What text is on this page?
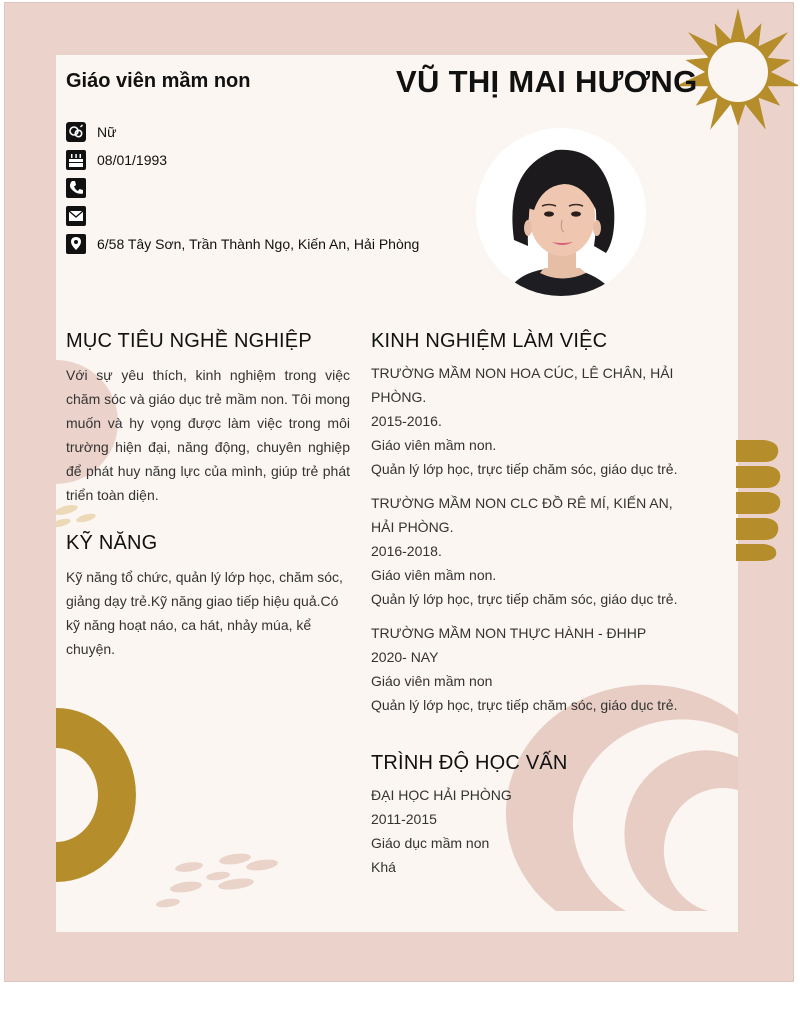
Giáo viên mầm non	VŨ THỊ MAI HƯƠNG
Nữ
08/01/1993
6/58 Tây Sơn, Trần Thành Ngọ, Kiến An, Hải Phòng
MỤC TIÊU NGHỀ NGHIỆP
Với sự yêu thích, kinh nghiệm trong việc chăm sóc và giáo dục trẻ mầm non. Tôi mong muốn và hy vọng được làm việc trong môi trường hiện đại, năng động, chuyên nghiệp để phát huy năng lực của mình, giúp trẻ phát triển toàn diện.
KỸ NĂNG
Kỹ năng tổ chức, quản lý lớp học, chăm sóc, giảng dạy trẻ.Kỹ năng giao tiếp hiệu quả.Có kỹ năng hoạt náo, ca hát, nhảy múa, kể chuyện.
KINH NGHIỆM LÀM VIỆC
TRƯỜNG MẦM NON HOA CÚC, LÊ CHÂN, HẢI PHÒNG.
2015-2016.
Giáo viên mầm non.
Quản lý lớp học, trực tiếp chăm sóc, giáo dục trẻ.
TRƯỜNG MẦM NON CLC ĐỒ RÊ MÍ, KIẾN AN, HẢI PHÒNG.
2016-2018.
Giáo viên mầm non.
Quản lý lớp học, trực tiếp chăm sóc, giáo dục trẻ.
TRƯỜNG MẦM NON THỰC HÀNH - ĐHHP
2020- NAY
Giáo viên mầm non
Quản lý lớp học, trực tiếp chăm sóc, giáo dục trẻ.
TRÌNH ĐỘ HỌC VẤN
ĐẠI HỌC HẢI PHÒNG
2011-2015
Giáo dục mầm non
Khá
